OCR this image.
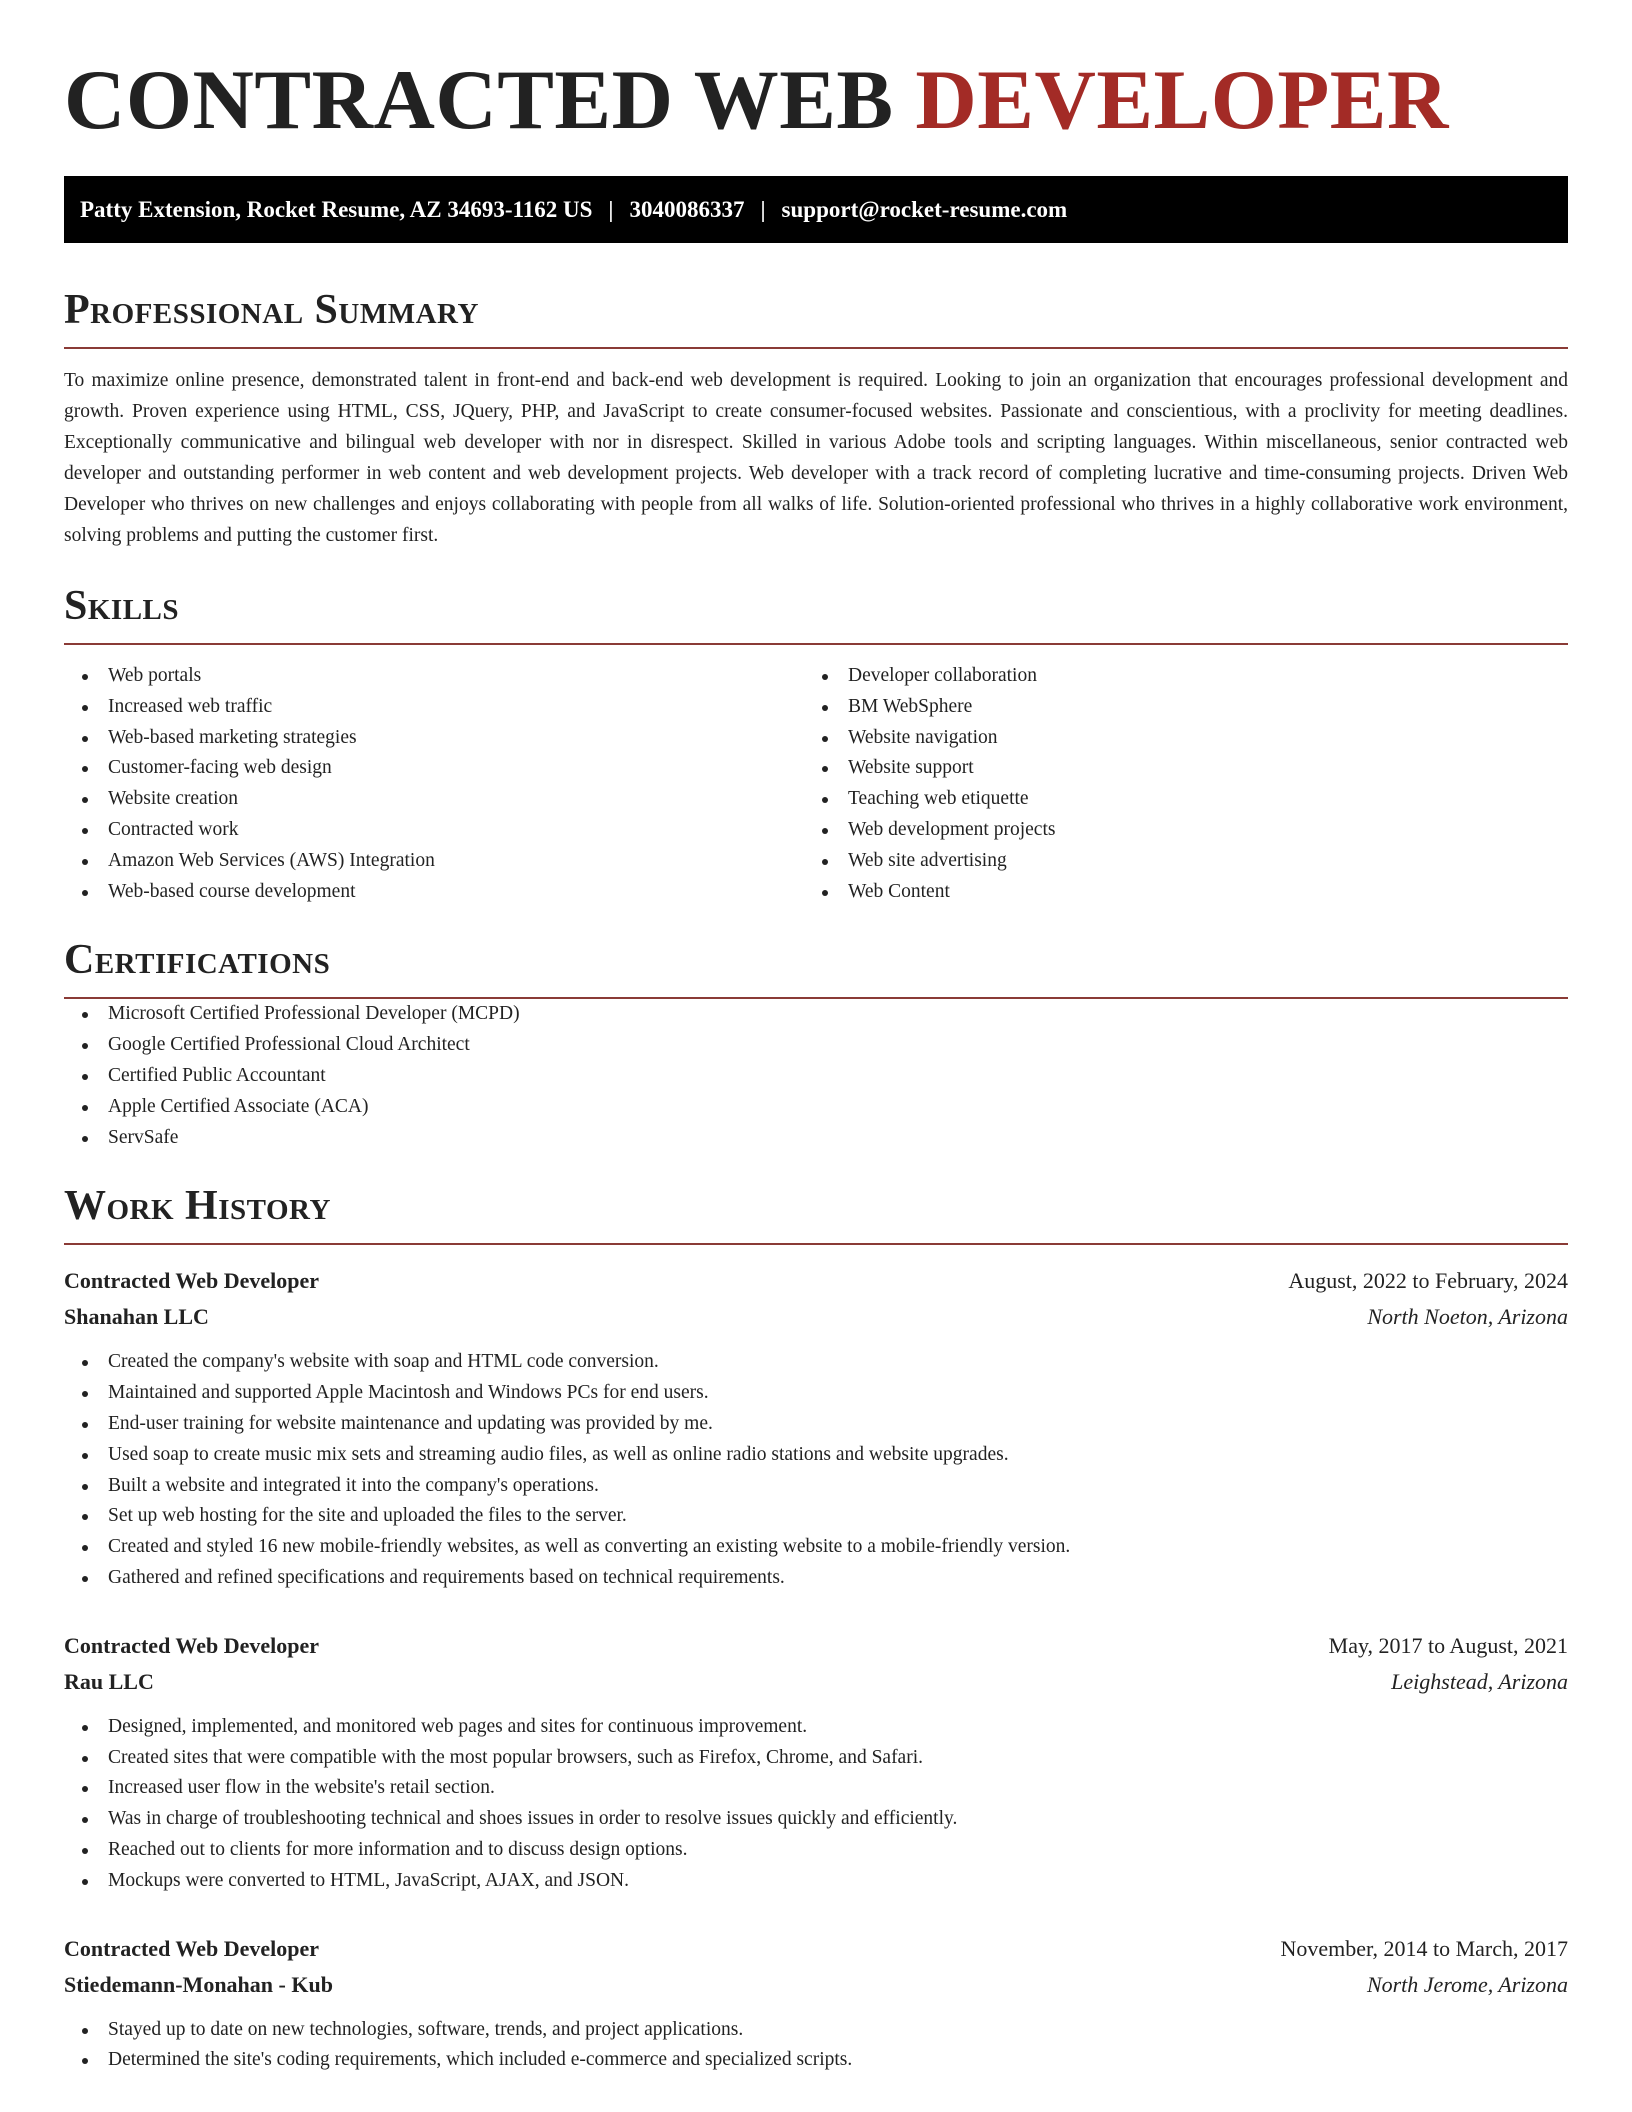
CONTRACTED WEB DEVELOPER
Patty Extension, Rocket Resume, AZ 34693-1162 US | 3040086337 | support@rocket-resume.com
Professional Summary

To maximize online presence, demonstrated talent in front-end and back-end web development is required. Looking to join an organization that encourages professional development and growth. Proven experience using HTML, CSS, JQuery, PHP, and JavaScript to create consumer-focused websites. Passionate and conscientious, with a proclivity for meeting deadlines. Exceptionally communicative and bilingual web developer with nor in disrespect. Skilled in various Adobe tools and scripting languages. Within miscellaneous, senior contracted web developer and outstanding performer in web content and web development projects. Web developer with a track record of completing lucrative and time-consuming projects. Driven Web Developer who thrives on new challenges and enjoys collaborating with people from all walks of life. Solution-oriented professional who thrives in a highly collaborative work environment, solving problems and putting the customer first.

Skills
Web portals
Increased web traffic
Web-based marketing strategies
Customer-facing web design
Website creation
Contracted work
Amazon Web Services (AWS) Integration
Web-based course development
Developer collaboration
BM WebSphere
Website navigation
Website support
Teaching web etiquette
Web development projects
Web site advertising
Web Content
Certifications
Microsoft Certified Professional Developer (MCPD)
Google Certified Professional Cloud Architect
Certified Public Accountant
Apple Certified Associate (ACA)
ServSafe
Work History
Contracted Web Developer	August, 2022 to February, 2024
Shanahan LLC	North Noeton, Arizona
Created the company's website with soap and HTML code conversion.
Maintained and supported Apple Macintosh and Windows PCs for end users.
End-user training for website maintenance and updating was provided by me.
Used soap to create music mix sets and streaming audio files, as well as online radio stations and website upgrades.
Built a website and integrated it into the company's operations.
Set up web hosting for the site and uploaded the files to the server.
Created and styled 16 new mobile-friendly websites, as well as converting an existing website to a mobile-friendly version.
Gathered and refined specifications and requirements based on technical requirements.
Contracted Web Developer	May, 2017 to August, 2021
Rau LLC	Leighstead, Arizona
Designed, implemented, and monitored web pages and sites for continuous improvement.
Created sites that were compatible with the most popular browsers, such as Firefox, Chrome, and Safari.
Increased user flow in the website's retail section.
Was in charge of troubleshooting technical and shoes issues in order to resolve issues quickly and efficiently.
Reached out to clients for more information and to discuss design options.
Mockups were converted to HTML, JavaScript, AJAX, and JSON.
Contracted Web Developer	November, 2014 to March, 2017
Stiedemann-Monahan - Kub	North Jerome, Arizona
Stayed up to date on new technologies, software, trends, and project applications.
Determined the site's coding requirements, which included e-commerce and specialized scripts.
